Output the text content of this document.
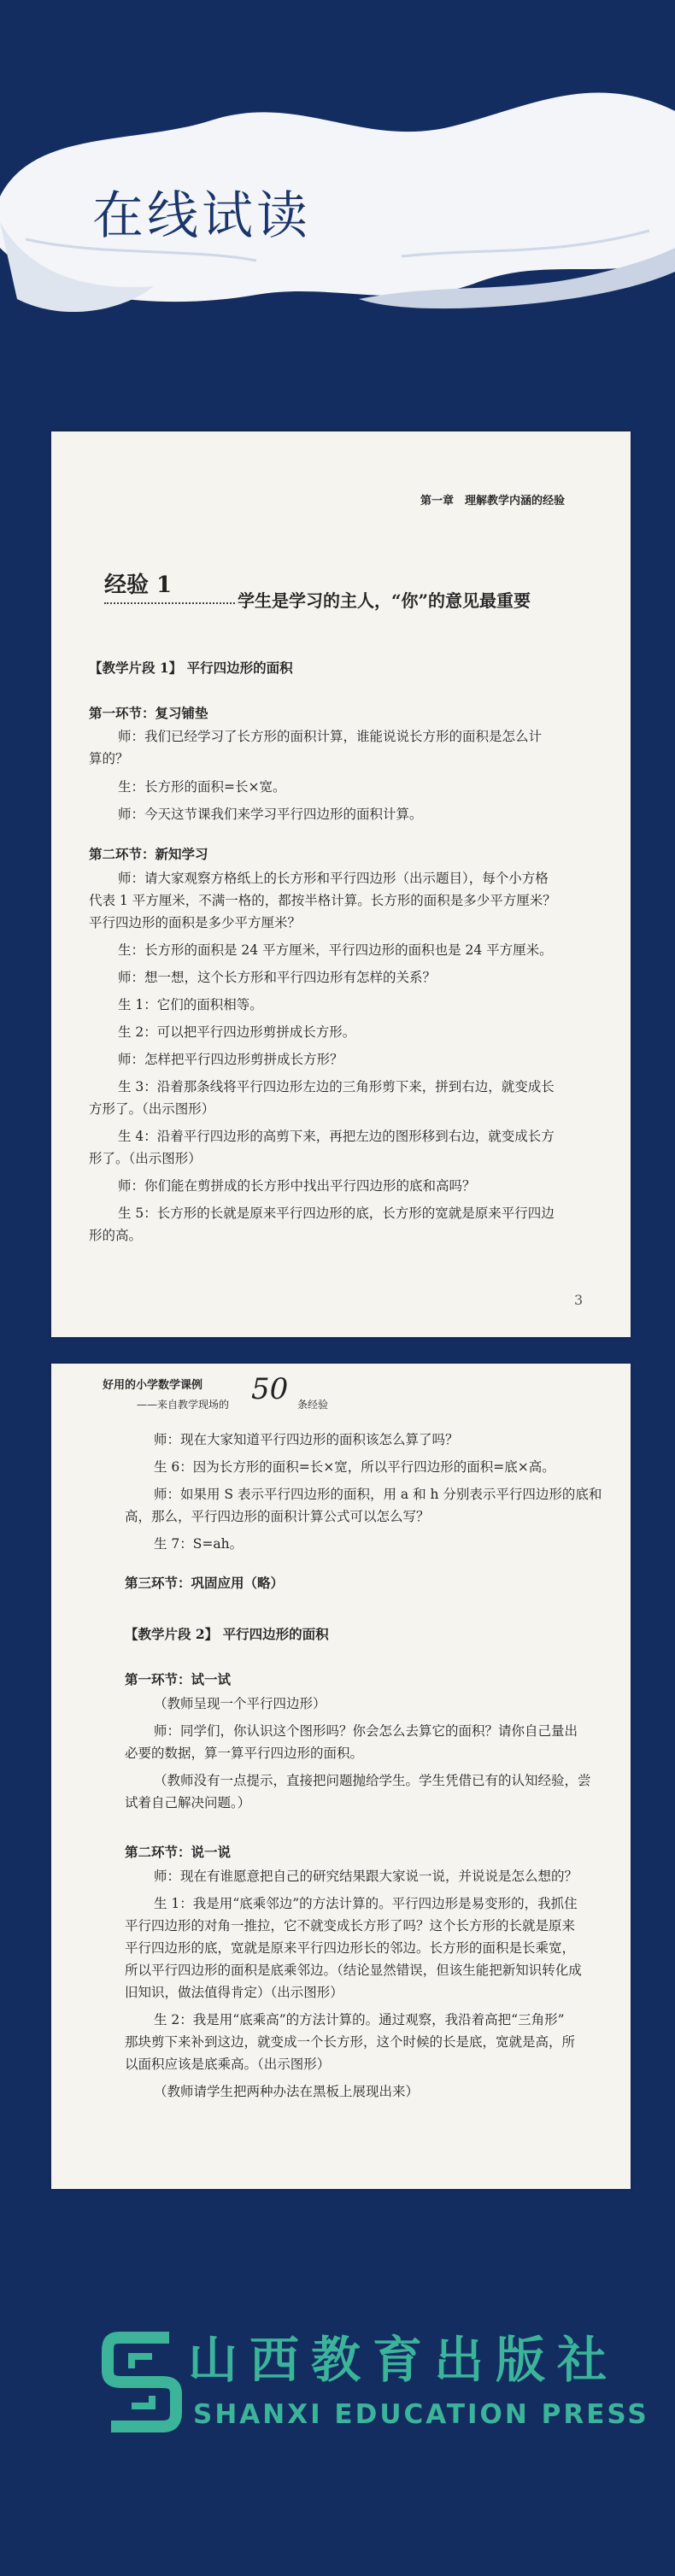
在线试读
第一章　理解教学内涵的经验
经验 1
学生是学习的主人，“你”的意见最重要
【教学片段 1】 平行四边形的面积
第一环节：复习铺垫
师：我们已经学习了长方形的面积计算，谁能说说长方形的面积是怎么计
算的？
生：长方形的面积=长×宽。
师：今天这节课我们来学习平行四边形的面积计算。
第二环节：新知学习
师：请大家观察方格纸上的长方形和平行四边形（出示题目），每个小方格
代表 1 平方厘米，不满一格的，都按半格计算。长方形的面积是多少平方厘米？
平行四边形的面积是多少平方厘米？
生：长方形的面积是 24 平方厘米，平行四边形的面积也是 24 平方厘米。
师：想一想，这个长方形和平行四边形有怎样的关系？
生 1：它们的面积相等。
生 2：可以把平行四边形剪拼成长方形。
师：怎样把平行四边形剪拼成长方形？
生 3：沿着那条线将平行四边形左边的三角形剪下来，拼到右边，就变成长
方形了。（出示图形）
生 4：沿着平行四边形的高剪下来，再把左边的图形移到右边，就变成长方
形了。（出示图形）
师：你们能在剪拼成的长方形中找出平行四边形的底和高吗？
生 5：长方形的长就是原来平行四边形的底，长方形的宽就是原来平行四边
形的高。
3
好用的小学数学课例
——来自教学现场的 50 条经验
师：现在大家知道平行四边形的面积该怎么算了吗？
生 6：因为长方形的面积=长×宽，所以平行四边形的面积=底×高。
师：如果用 S 表示平行四边形的面积，用 a 和 h 分别表示平行四边形的底和
高，那么，平行四边形的面积计算公式可以怎么写？
生 7：S=ah。
第三环节：巩固应用（略）
【教学片段 2】 平行四边形的面积
第一环节：试一试
（教师呈现一个平行四边形）
师：同学们，你认识这个图形吗？你会怎么去算它的面积？请你自己量出
必要的数据，算一算平行四边形的面积。
（教师没有一点提示，直接把问题抛给学生。学生凭借已有的认知经验，尝
试着自己解决问题。）
第二环节：说一说
师：现在有谁愿意把自己的研究结果跟大家说一说，并说说是怎么想的？
生 1：我是用“底乘邻边”的方法计算的。平行四边形是易变形的，我抓住
平行四边形的对角一推拉，它不就变成长方形了吗？这个长方形的长就是原来
平行四边形的底，宽就是原来平行四边形长的邻边。长方形的面积是长乘宽，
所以平行四边形的面积是底乘邻边。（结论显然错误，但该生能把新知识转化成
旧知识，做法值得肯定）（出示图形）
生 2：我是用“底乘高”的方法计算的。通过观察，我沿着高把“三角形”
那块剪下来补到这边，就变成一个长方形，这个时候的长是底，宽就是高，所
以面积应该是底乘高。（出示图形）
（教师请学生把两种办法在黑板上展现出来）
山西教育出版社
SHANXI EDUCATION PRESS
